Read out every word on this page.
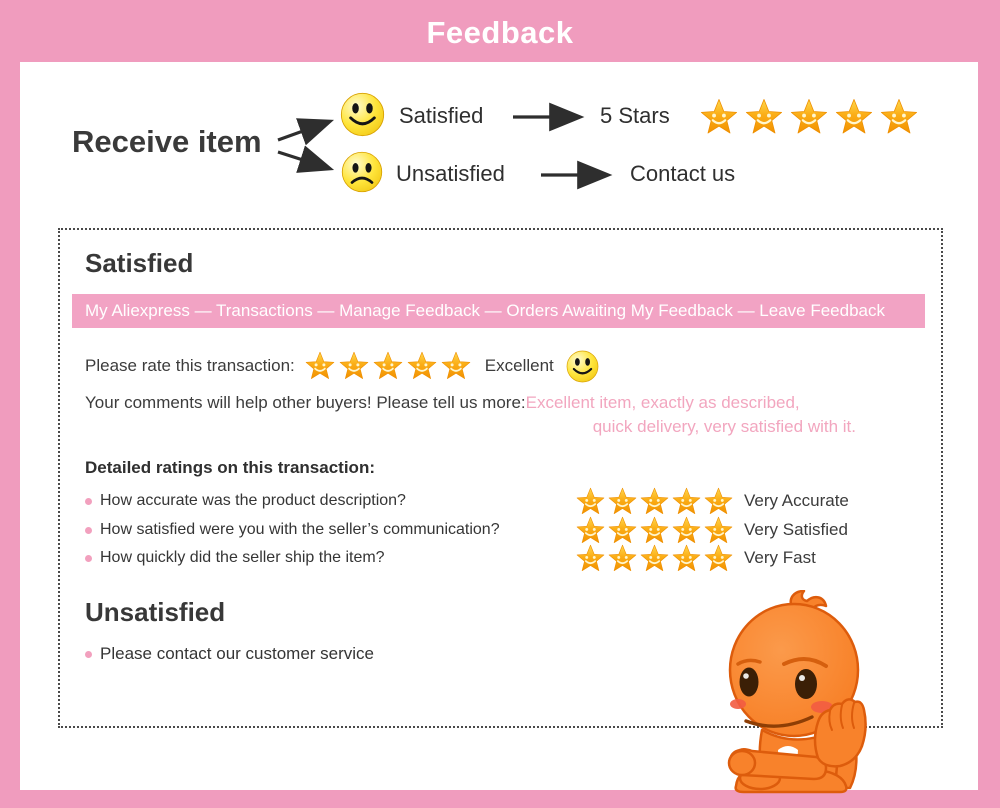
Feedback
Receive item
Satisfied	5 Stars
Unsatisfied	Contact us
Satisfied
My Aliexpress — Transactions — Manage Feedback — Orders Awaiting My Feedback — Leave Feedback
Please rate this transaction:	Excellent
Your comments will help other buyers! Please tell us more:Excellent item, exactly as described,
quick delivery, very satisfied with it.
Detailed ratings on this transaction:
How accurate was the product description?	Very Accurate
How satisfied were you with the seller’s communication?	Very Satisfied
How quickly did the seller ship the item?	Very Fast
Unsatisfied
Please contact our customer service
